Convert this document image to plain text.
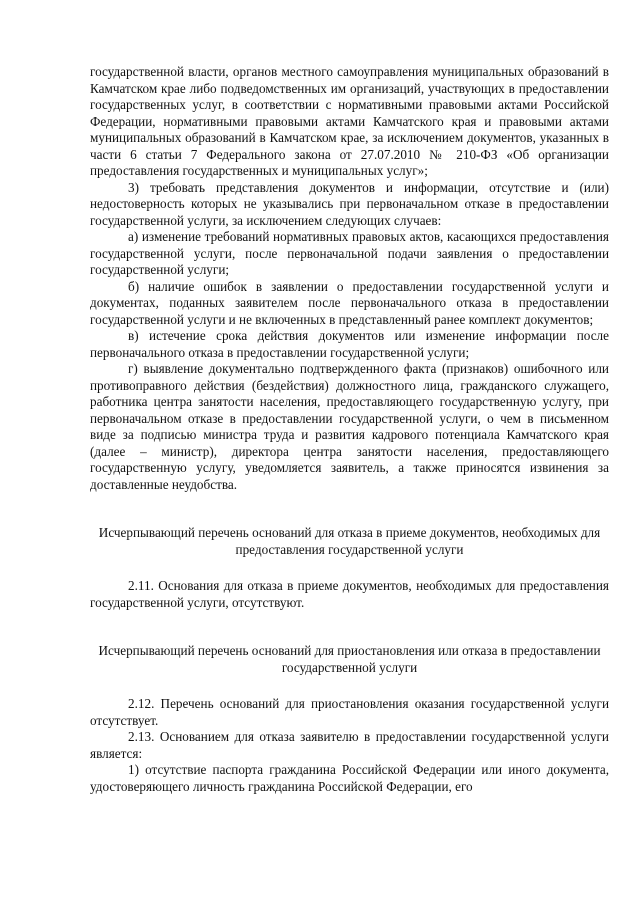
государственной власти, органов местного самоуправления муниципальных образований в Камчатском крае либо подведомственных им организаций, участвующих в предоставлении государственных услуг, в соответствии с нормативными правовыми актами Российской Федерации, нормативными правовыми актами Камчатского края и правовыми актами муниципальных образований в Камчатском крае, за исключением документов, указанных в части 6 статьи 7 Федерального закона от 27.07.2010 № 210-ФЗ «Об организации предоставления государственных и муниципальных услуг»;

3) требовать представления документов и информации, отсутствие и (или) недостоверность которых не указывались при первоначальном отказе в предоставлении государственной услуги, за исключением следующих случаев:

а) изменение требований нормативных правовых актов, касающихся предоставления государственной услуги, после первоначальной подачи заявления о предоставлении государственной услуги;

б) наличие ошибок в заявлении о предоставлении государственной услуги и документах, поданных заявителем после первоначального отказа в предоставлении государственной услуги и не включенных в представленный ранее комплект документов;

в) истечение срока действия документов или изменение информации после первоначального отказа в предоставлении государственной услуги;

г) выявление документально подтвержденного факта (признаков) ошибочного или противоправного действия (бездействия) должностного лица, гражданского служащего, работника центра занятости населения, предоставляющего государственную услугу, при первоначальном отказе в предоставлении государственной услуги, о чем в письменном виде за подписью министра труда и развития кадрового потенциала Камчатского края (далее – министр), директора центра занятости населения, предоставляющего государственную услугу, уведомляется заявитель, а также приносятся извинения за доставленные неудобства.

Исчерпывающий перечень оснований для отказа в приеме документов, необходимых для предоставления государственной услуги

2.11. Основания для отказа в приеме документов, необходимых для предоставления государственной услуги, отсутствуют.

Исчерпывающий перечень оснований для приостановления или отказа в предоставлении государственной услуги

2.12. Перечень оснований для приостановления оказания государственной услуги отсутствует.

2.13. Основанием для отказа заявителю в предоставлении государственной услуги является:

1) отсутствие паспорта гражданина Российской Федерации или иного документа, удостоверяющего личность гражданина Российской Федерации, его
